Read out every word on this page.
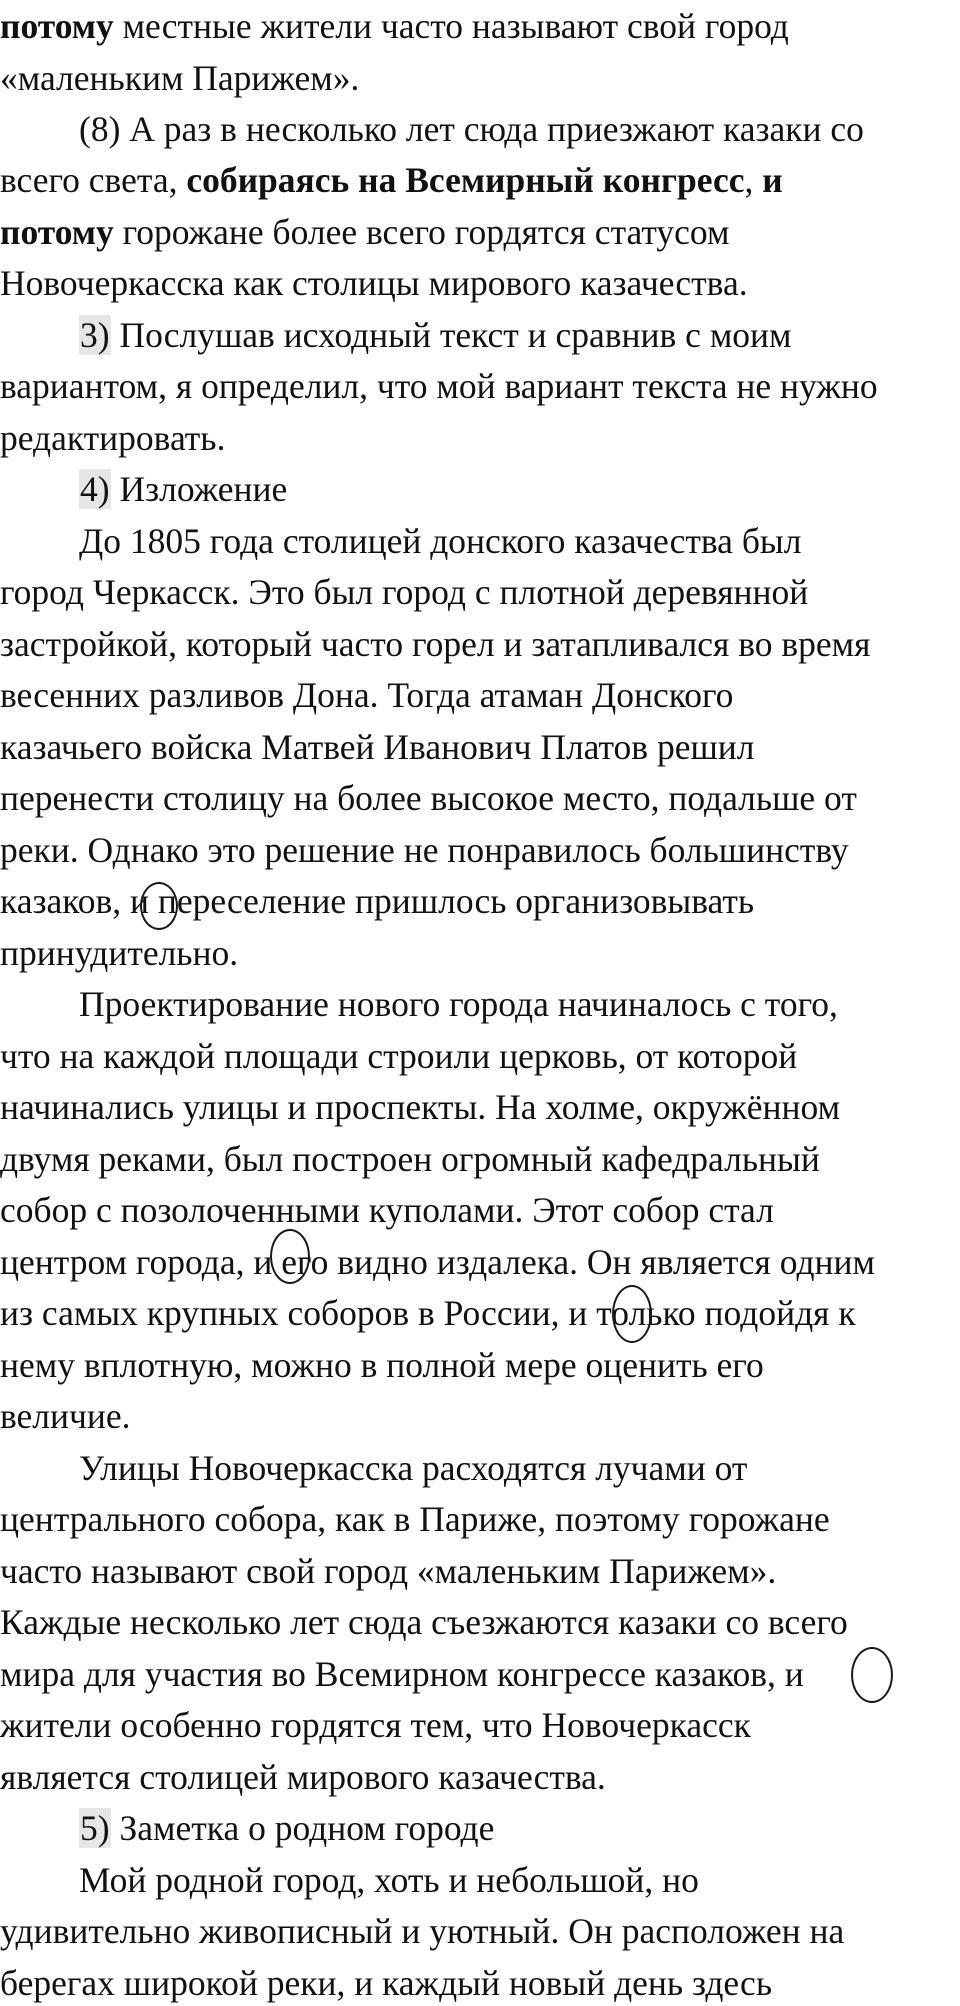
потому местные жители часто называют свой город
«маленьким Парижем».
(8) А раз в несколько лет сюда приезжают казаки со
всего света, собираясь на Всемирный конгресс, и
потому горожане более всего гордятся статусом
Новочеркасска как столицы мирового казачества.
3) Послушав исходный текст и сравнив с моим
вариантом, я определил, что мой вариант текста не нужно
редактировать.
4) Изложение
До 1805 года столицей донского казачества был
город Черкасск. Это был город с плотной деревянной
застройкой, который часто горел и затапливался во время
весенних разливов Дона. Тогда атаман Донского
казачьего войска Матвей Иванович Платов решил
перенести столицу на более высокое место, подальше от
реки. Однако это решение не понравилось большинству
казаков, и переселение пришлось организовывать
принудительно.
Проектирование нового города начиналось с того,
что на каждой площади строили церковь, от которой
начинались улицы и проспекты. На холме, окружённом
двумя реками, был построен огромный кафедральный
собор с позолоченными куполами. Этот собор стал
центром города, и его видно издалека. Он является одним
из самых крупных соборов в России, и только подойдя к
нему вплотную, можно в полной мере оценить его
величие.
Улицы Новочеркасска расходятся лучами от
центрального собора, как в Париже, поэтому горожане
часто называют свой город «маленьким Парижем».
Каждые несколько лет сюда съезжаются казаки со всего
мира для участия во Всемирном конгрессе казаков, и
жители особенно гордятся тем, что Новочеркасск
является столицей мирового казачества.
5) Заметка о родном городе
Мой родной город, хоть и небольшой, но
удивительно живописный и уютный. Он расположен на
берегах широкой реки, и каждый новый день здесь
